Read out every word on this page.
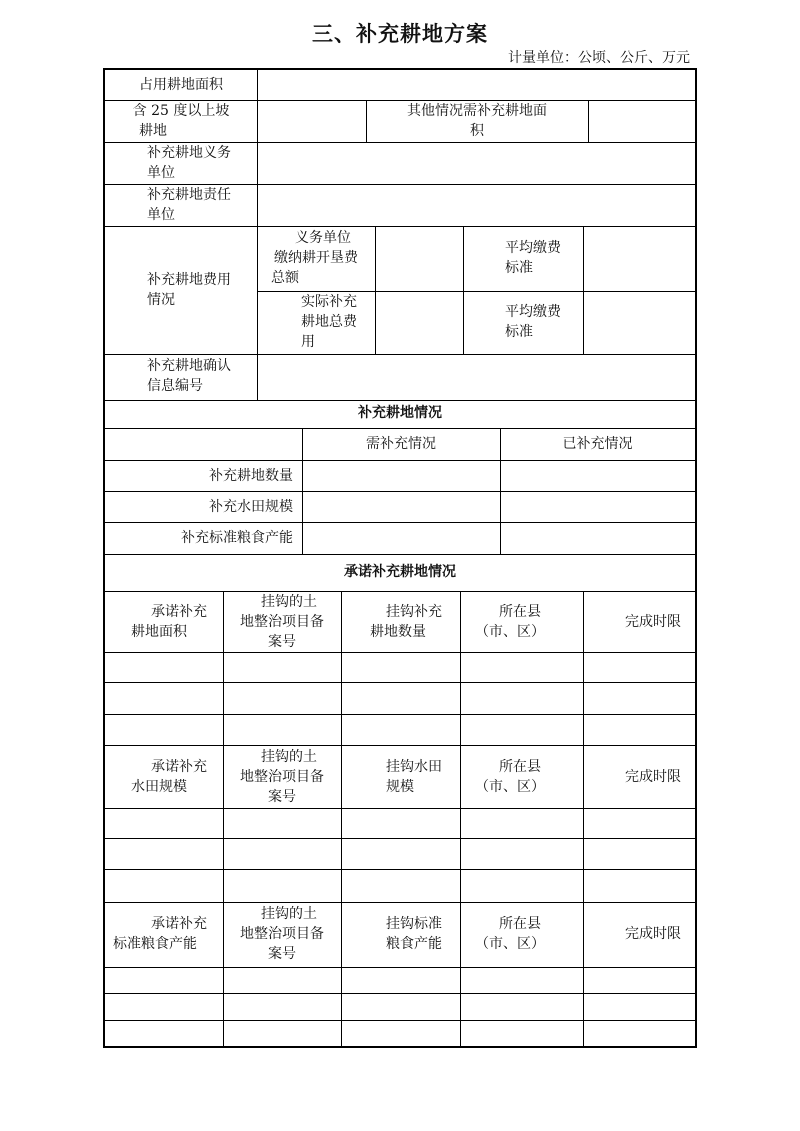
三、补充耕地方案
计量单位：公顷、公斤、万元
占用耕地面积
含 25 度以上坡
耕地
其他情况需补充耕地面
积
补充耕地义务
单位
补充耕地责任
单位
补充耕地费用
情况
义务单位
缴纳耕开垦费
总额
平均缴费
标准
实际补充
耕地总费
用
平均缴费
标准
补充耕地确认
信息编号
补充耕地情况
需补充情况	已补充情况
补充耕地数量
补充水田规模
补充标准粮食产能
承诺补充耕地情况
承诺补充
耕地面积
挂钩的土
地整治项目备
案号
挂钩补充
耕地数量
所在县
（市、区）
完成时限
承诺补充
水田规模
挂钩的土
地整治项目备
案号
挂钩水田
规模
所在县
（市、区）
完成时限
承诺补充
标准粮食产能
挂钩的土
地整治项目备
案号
挂钩标准
粮食产能
所在县
（市、区）
完成时限
